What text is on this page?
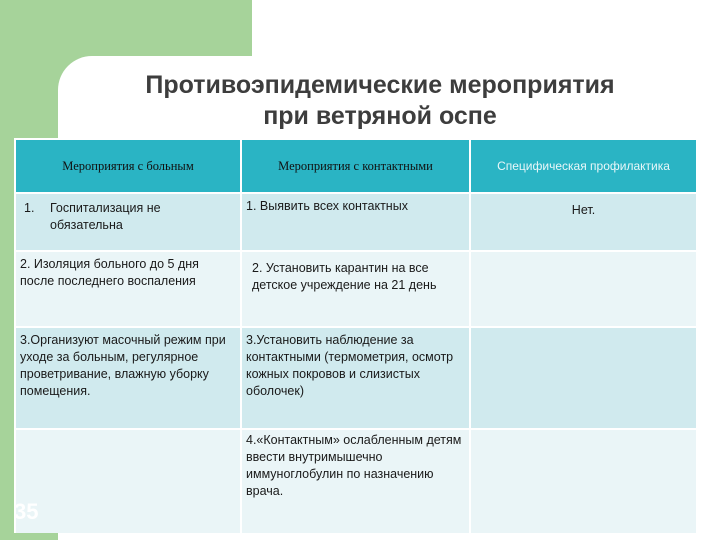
Противоэпидемические мероприятия
при ветряной оспе
Мероприятия с больным	Мероприятия с контактными	Специфическая профилактика

1. Госпитализация не обязательна	1. Выявить всех контактных	Нет.

2. Изоляция больного до 5 дня после последнего воспаления	2. Установить карантин на все детское учреждение на 21 день	

3.Организуют масочный режим при уходе за больным, регулярное проветривание, влажную уборку помещения.	3.Установить наблюдение за контактными (термометрия, осмотр кожных покровов и слизистых оболочек)	

	4.«Контактным» ослабленным детям ввести внутримышечно иммуноглобулин по назначению врача.	

35
